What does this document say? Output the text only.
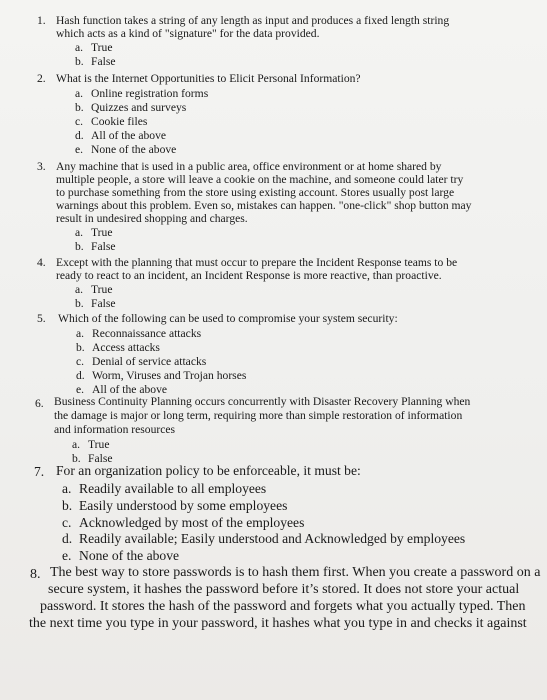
1. Hash function takes a string of any length as input and produces a fixed length string
which acts as a kind of "signature" for the data provided.
a. True
b. False
2. What is the Internet Opportunities to Elicit Personal Information?
a. Online registration forms
b. Quizzes and surveys
c. Cookie files
d. All of the above
e. None of the above
3. Any machine that is used in a public area, office environment or at home shared by
multiple people, a store will leave a cookie on the machine, and someone could later try
to purchase something from the store using existing account. Stores usually post large
warnings about this problem. Even so, mistakes can happen. "one-click" shop button may
result in undesired shopping and charges.
a. True
b. False
4. Except with the planning that must occur to prepare the Incident Response teams to be
ready to react to an incident, an Incident Response is more reactive, than proactive.
a. True
b. False
5. Which of the following can be used to compromise your system security:
a. Reconnaissance attacks
b. Access attacks
c. Denial of service attacks
d. Worm, Viruses and Trojan horses
e. All of the above
6. Business Continuity Planning occurs concurrently with Disaster Recovery Planning when
the damage is major or long term, requiring more than simple restoration of information
and information resources
a. True
b. False
7. For an organization policy to be enforceable, it must be:
a. Readily available to all employees
b. Easily understood by some employees
c. Acknowledged by most of the employees
d. Readily available; Easily understood and Acknowledged by employees
e. None of the above
8. The best way to store passwords is to hash them first. When you create a password on a
secure system, it hashes the password before it’s stored. It does not store your actual
password. It stores the hash of the password and forgets what you actually typed. Then
the next time you type in your password, it hashes what you type in and checks it against
